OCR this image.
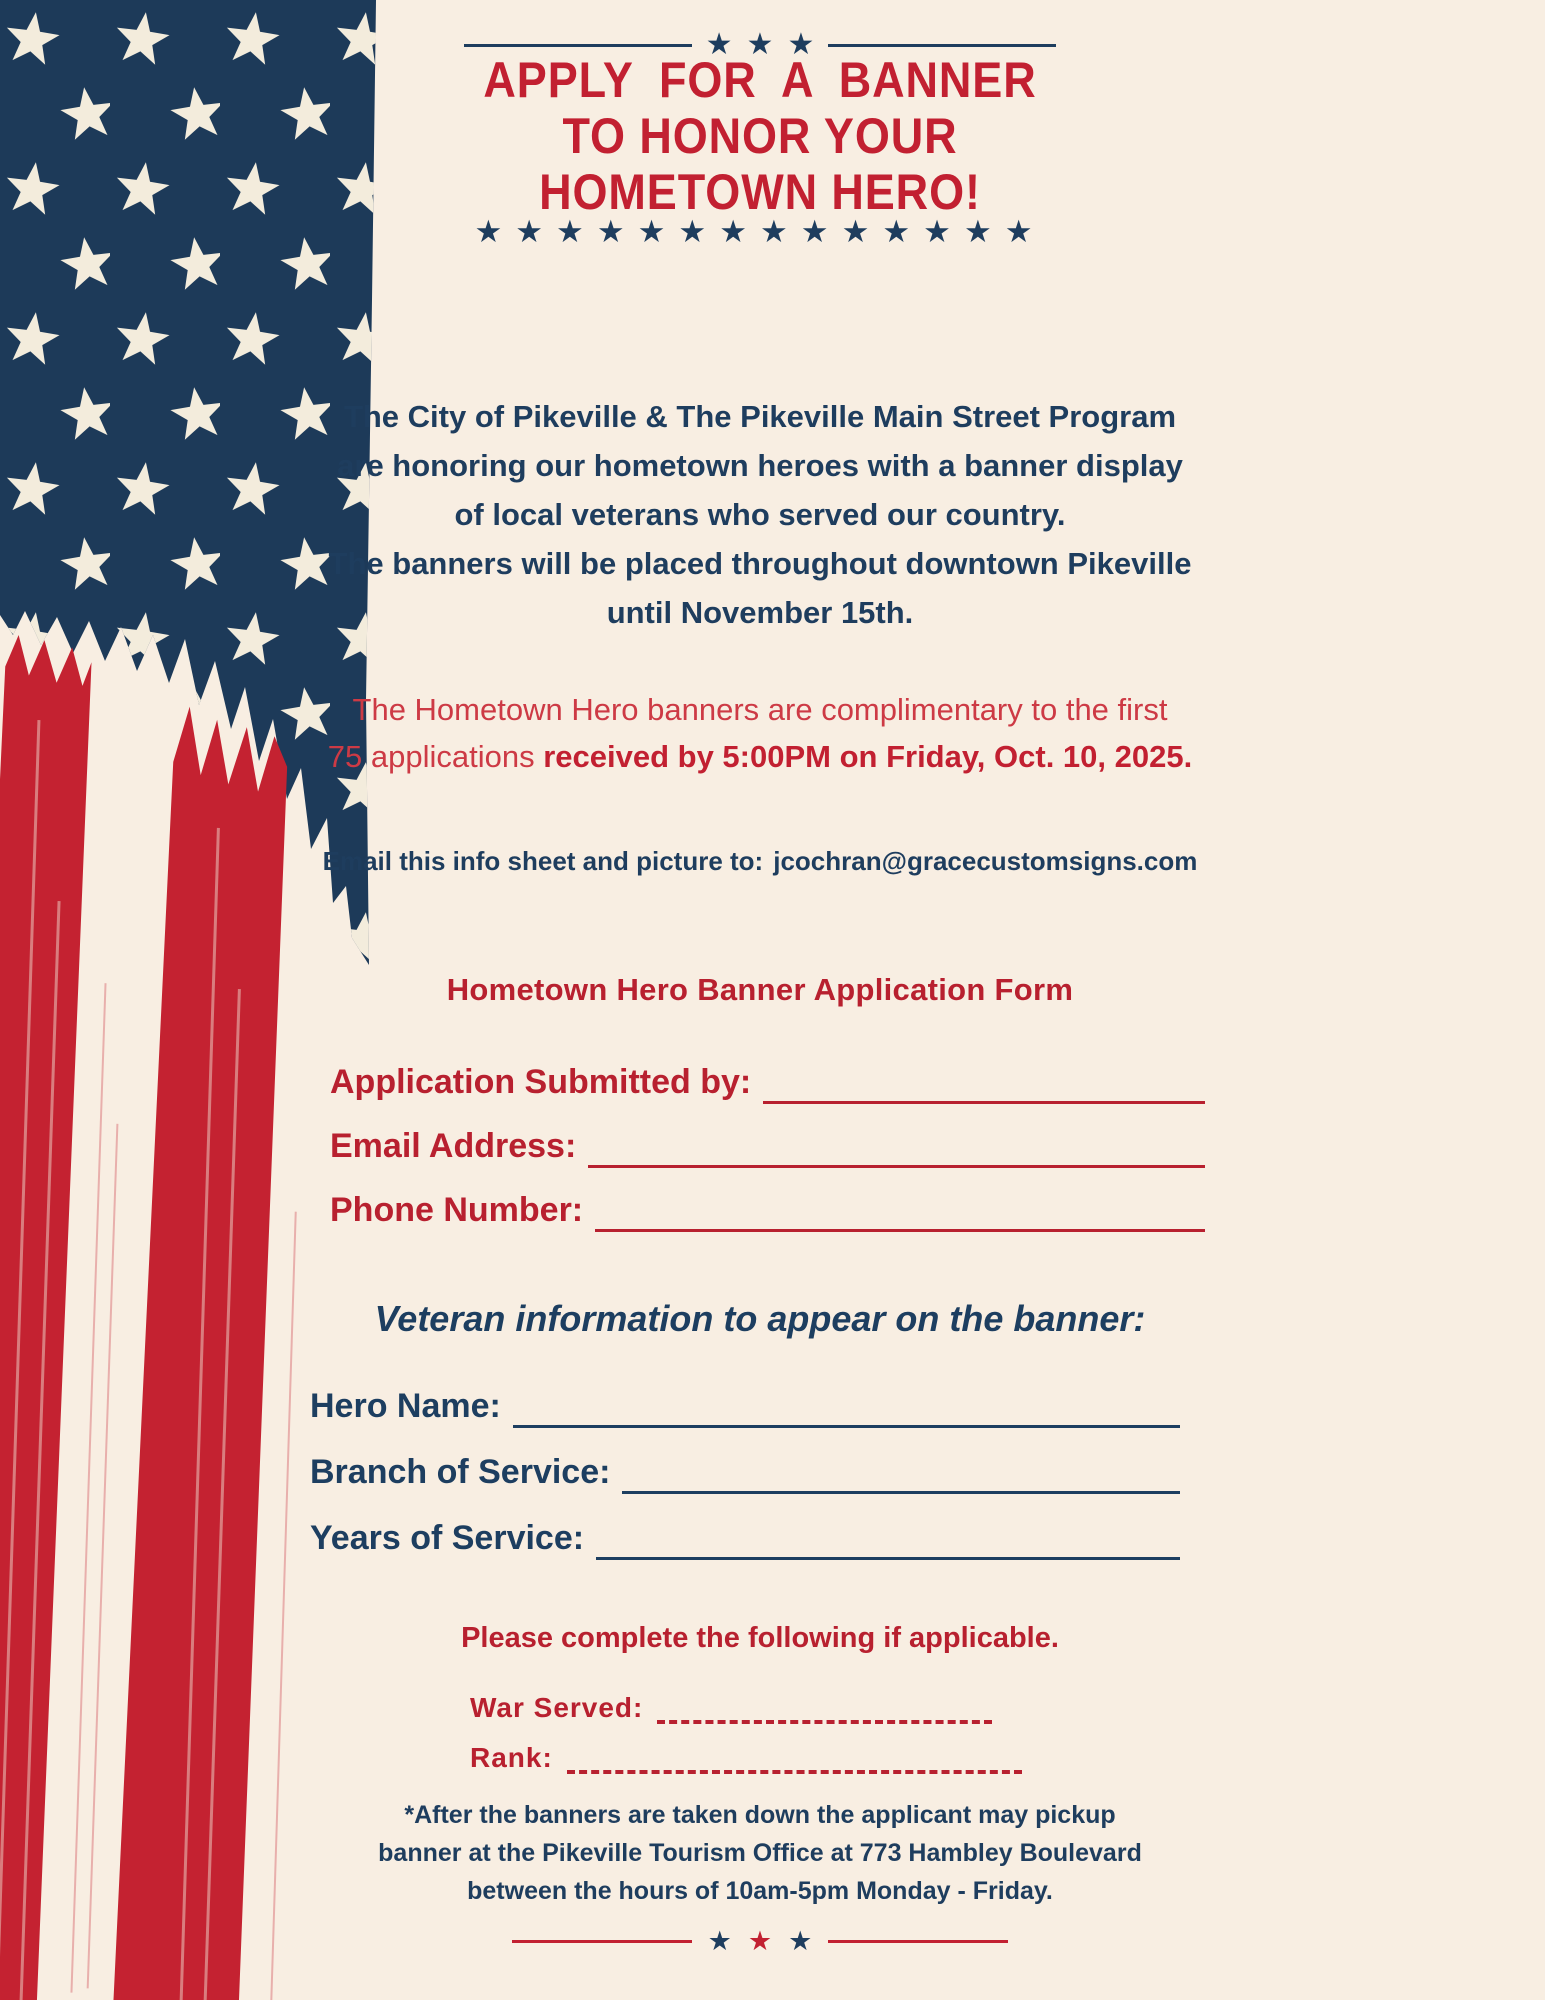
★ ★ ★
APPLY FOR A BANNER
TO HONOR YOUR
HOMETOWN HERO!
★★★★★★★★★★★★★★
The City of Pikeville & The Pikeville Main Street Program
are honoring our hometown heroes with a banner display
of local veterans who served our country.
The banners will be placed throughout downtown Pikeville
until November 15th.
The Hometown Hero banners are complimentary to the first
75 applications received by 5:00PM on Friday, Oct. 10, 2025.
Email this info sheet and picture to: jcochran@gracecustomsigns.com
Hometown Hero Banner Application Form
Application Submitted by:
Email Address:
Phone Number:
Veteran information to appear on the banner:
Hero Name:
Branch of Service:
Years of Service:
Please complete the following if applicable.
War Served:
Rank:
*After the banners are taken down the applicant may pickup
banner at the Pikeville Tourism Office at 773 Hambley Boulevard
between the hours of 10am-5pm Monday - Friday.
★ ★ ★
